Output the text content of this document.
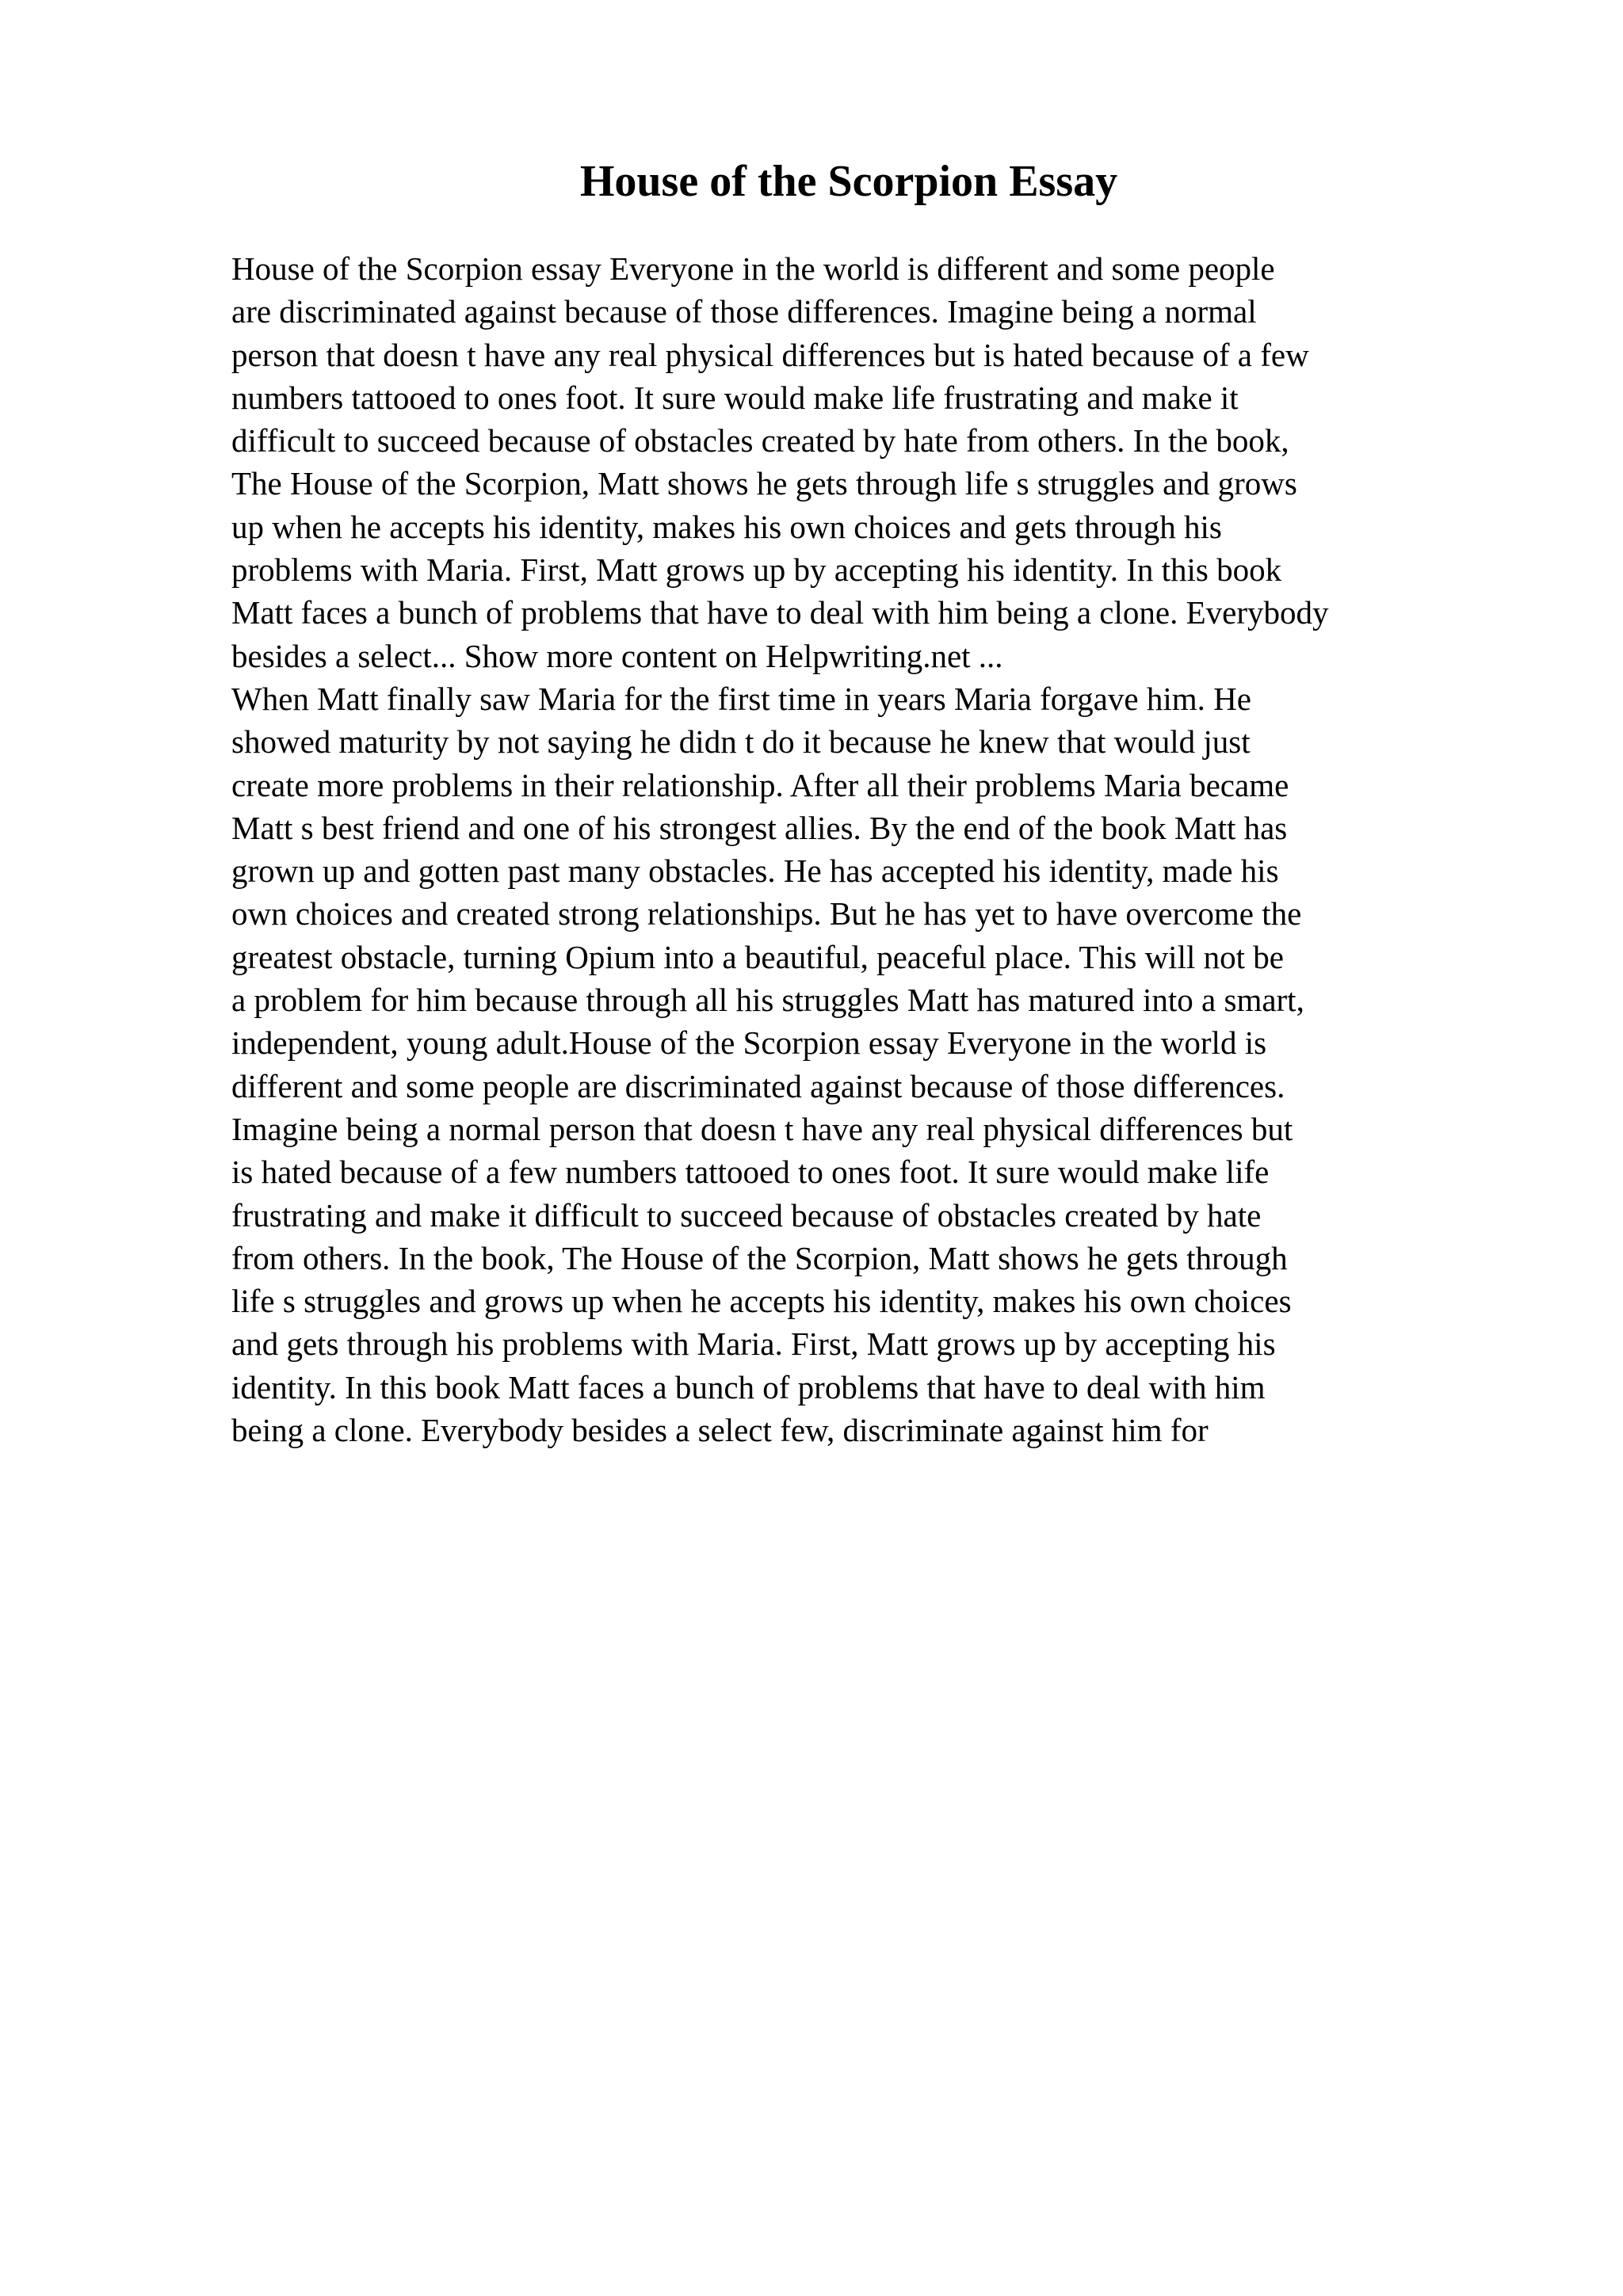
House of the Scorpion Essay
House of the Scorpion essay Everyone in the world is different and some people
are discriminated against because of those differences. Imagine being a normal
person that doesn t have any real physical differences but is hated because of a few
numbers tattooed to ones foot. It sure would make life frustrating and make it
difficult to succeed because of obstacles created by hate from others. In the book,
The House of the Scorpion, Matt shows he gets through life s struggles and grows
up when he accepts his identity, makes his own choices and gets through his
problems with Maria. First, Matt grows up by accepting his identity. In this book
Matt faces a bunch of problems that have to deal with him being a clone. Everybody
besides a select... Show more content on Helpwriting.net ...
When Matt finally saw Maria for the first time in years Maria forgave him. He
showed maturity by not saying he didn t do it because he knew that would just
create more problems in their relationship. After all their problems Maria became
Matt s best friend and one of his strongest allies. By the end of the book Matt has
grown up and gotten past many obstacles. He has accepted his identity, made his
own choices and created strong relationships. But he has yet to have overcome the
greatest obstacle, turning Opium into a beautiful, peaceful place. This will not be
a problem for him because through all his struggles Matt has matured into a smart,
independent, young adult.House of the Scorpion essay Everyone in the world is
different and some people are discriminated against because of those differences.
Imagine being a normal person that doesn t have any real physical differences but
is hated because of a few numbers tattooed to ones foot. It sure would make life
frustrating and make it difficult to succeed because of obstacles created by hate
from others. In the book, The House of the Scorpion, Matt shows he gets through
life s struggles and grows up when he accepts his identity, makes his own choices
and gets through his problems with Maria. First, Matt grows up by accepting his
identity. In this book Matt faces a bunch of problems that have to deal with him
being a clone. Everybody besides a select few, discriminate against him for
